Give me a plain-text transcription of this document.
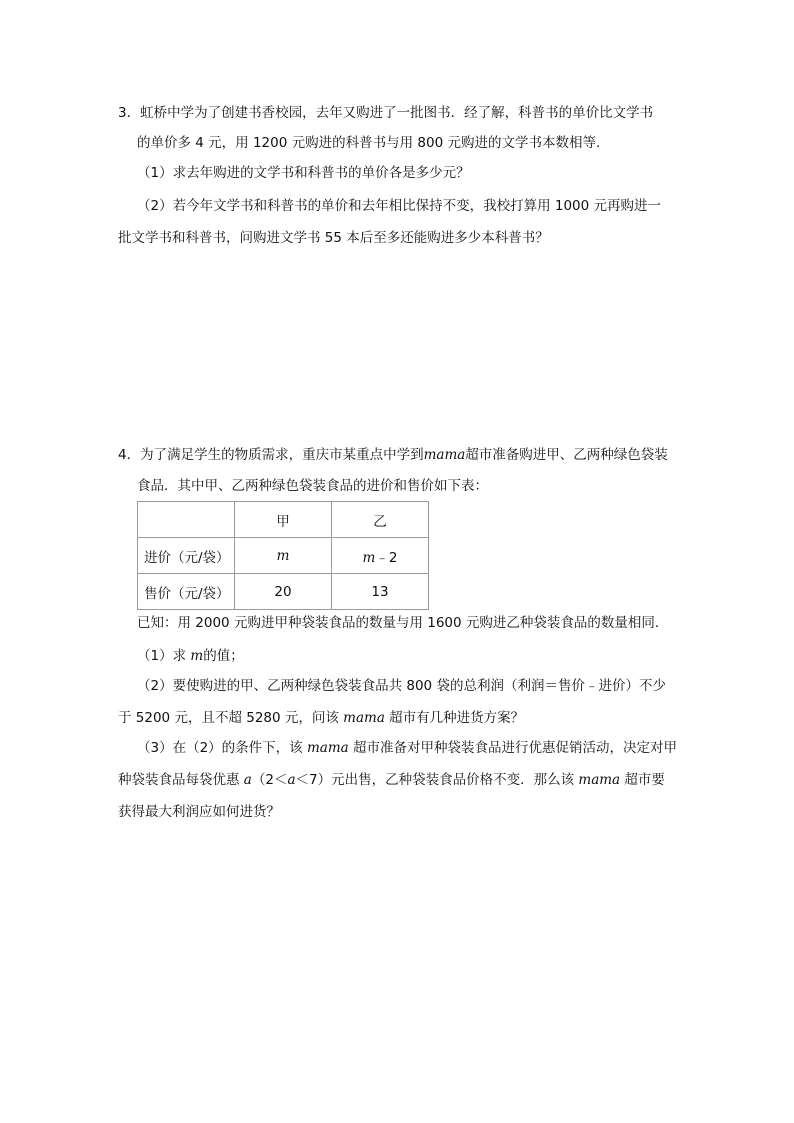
3．虹桥中学为了创建书香校园，去年又购进了一批图书．经了解，科普书的单价比文学书
的单价多 4 元，用 1200 元购进的科普书与用 800 元购进的文学书本数相等．
（1）求去年购进的文学书和科普书的单价各是多少元？
（2）若今年文学书和科普书的单价和去年相比保持不变，我校打算用 1000 元再购进一
批文学书和科普书，问购进文学书 55 本后至多还能购进多少本科普书？
4．为了满足学生的物质需求，重庆市某重点中学到mama超市准备购进甲、乙两种绿色袋装
食品．其中甲、乙两种绿色袋装食品的进价和售价如下表：
	甲	乙
进价（元/袋）	m	m﹣2
售价（元/袋）	20	13
已知：用 2000 元购进甲种袋装食品的数量与用 1600 元购进乙种袋装食品的数量相同．
（1）求 m的值；
（2）要使购进的甲、乙两种绿色袋装食品共 800 袋的总利润（利润＝售价﹣进价）不少
于 5200 元，且不超 5280 元，问该 mama 超市有几种进货方案？
（3）在（2）的条件下，该 mama 超市准备对甲种袋装食品进行优惠促销活动，决定对甲
种袋装食品每袋优惠 a（2＜a＜7）元出售，乙种袋装食品价格不变．那么该 mama 超市要
获得最大利润应如何进货？
